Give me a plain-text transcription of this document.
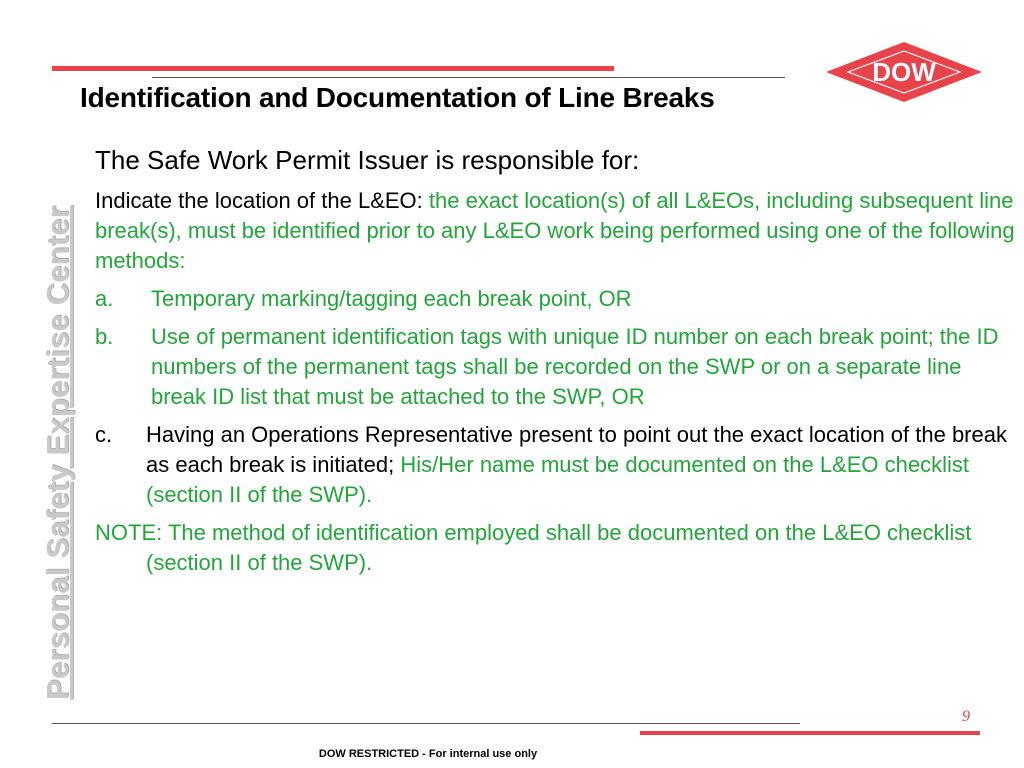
DOW
Identification and Documentation of Line Breaks
Personal Safety Expertise Center
The Safe Work Permit Issuer is responsible for:
Indicate the location of the L&EO: the exact location(s) of all L&EOs, including subsequent line break(s), must be identified prior to any L&EO work being performed using one of the following methods:
a.	Temporary marking/tagging each break point, OR
b.	Use of permanent identification tags with unique ID number on each break point; the ID numbers of the permanent tags shall be recorded on the SWP or on a separate line break ID list that must be attached to the SWP, OR
c.	Having an Operations Representative present to point out the exact location of the break as each break is initiated; His/Her name must be documented on the L&EO checklist (section II of the SWP).
NOTE: The method of identification employed shall be documented on the L&EO checklist (section II of the SWP).
9
DOW RESTRICTED - For internal use only
